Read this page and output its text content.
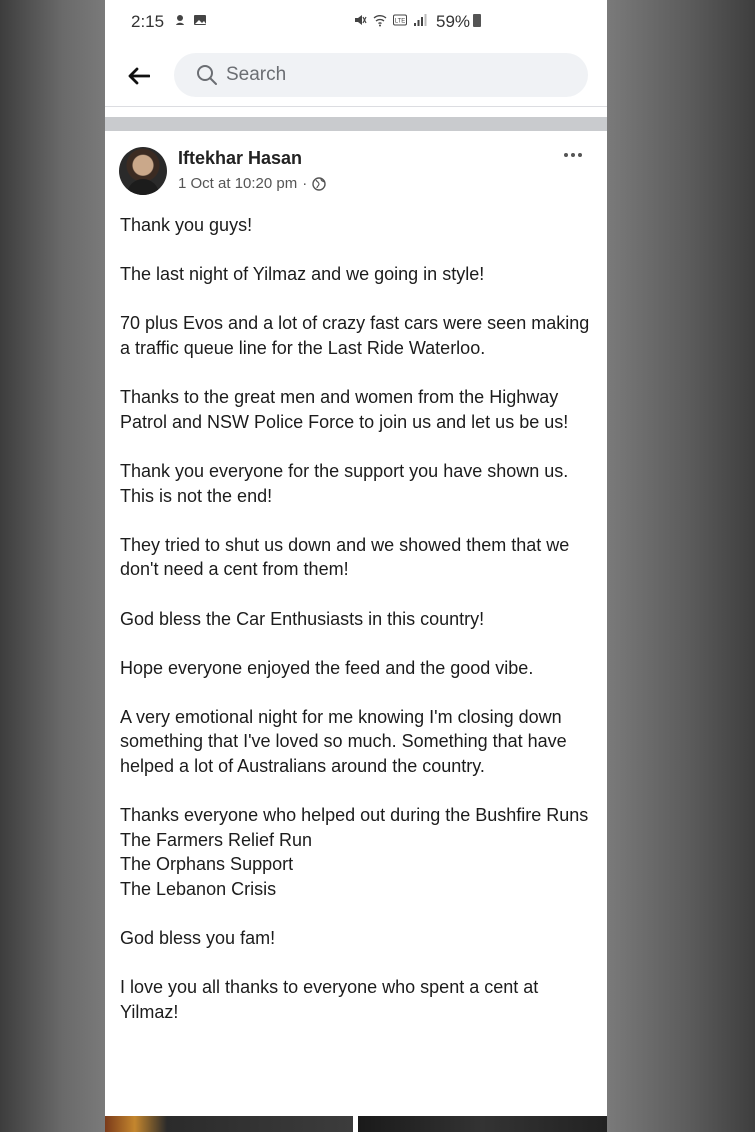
2:15	LTE 59%
Search
Iftekhar Hasan
1 Oct at 10:20 pm ·

Thank you guys!

The last night of Yilmaz and we going in style!

70 plus Evos and a lot of crazy fast cars were seen making a traffic queue line for the Last Ride Waterloo.

Thanks to the great men and women from the Highway Patrol and NSW Police Force to join us and let us be us!

Thank you everyone for the support you have shown us. This is not the end!

They tried to shut us down and we showed them that we don't need a cent from them!

God bless the Car Enthusiasts in this country!

Hope everyone enjoyed the feed and the good vibe.

A very emotional night for me knowing I'm closing down something that I've loved so much. Something that have helped a lot of Australians around the country.

Thanks everyone who helped out during the Bushfire Runs
The Farmers Relief Run
The Orphans Support
The Lebanon Crisis

God bless you fam!

I love you all thanks to everyone who spent a cent at Yilmaz!
